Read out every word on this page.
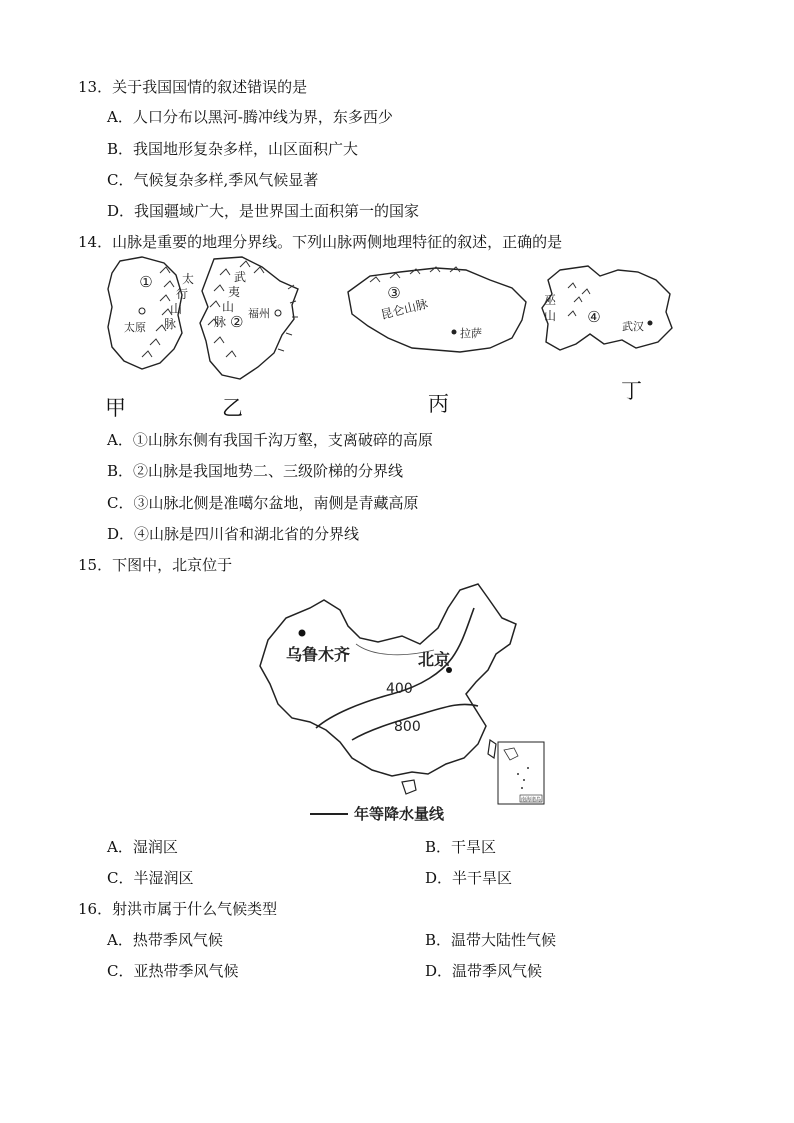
13．关于我国国情的叙述错误的是
A．人口分布以黑河-腾冲线为界，东多西少
B．我国地形复杂多样，山区面积广大
C．气候复杂多样,季风气候显著
D．我国疆域广大，是世界国土面积第一的国家
14．山脉是重要的地理分界线。下列山脉两侧地理特征的叙述，正确的是
① 太
行
山
脉
太原
武
夷
山
脉 ② 福州
甲	乙
③
昆仑山脉
拉萨
丙
巫
山 ④
武汉
丁
A．①山脉东侧有我国千沟万壑，支离破碎的高原
B．②山脉是我国地势二、三级阶梯的分界线
C．③山脉北侧是准噶尔盆地，南侧是青藏高原
D．④山脉是四川省和湖北省的分界线
15．下图中，北京位于
乌鲁木齐	北京
400
800
南海诸岛
年等降水量线
A．湿润区	B．干旱区
C．半湿润区	D．半干旱区
16．射洪市属于什么气候类型
A．热带季风气候	B．温带大陆性气候
C．亚热带季风气候	D．温带季风气候
